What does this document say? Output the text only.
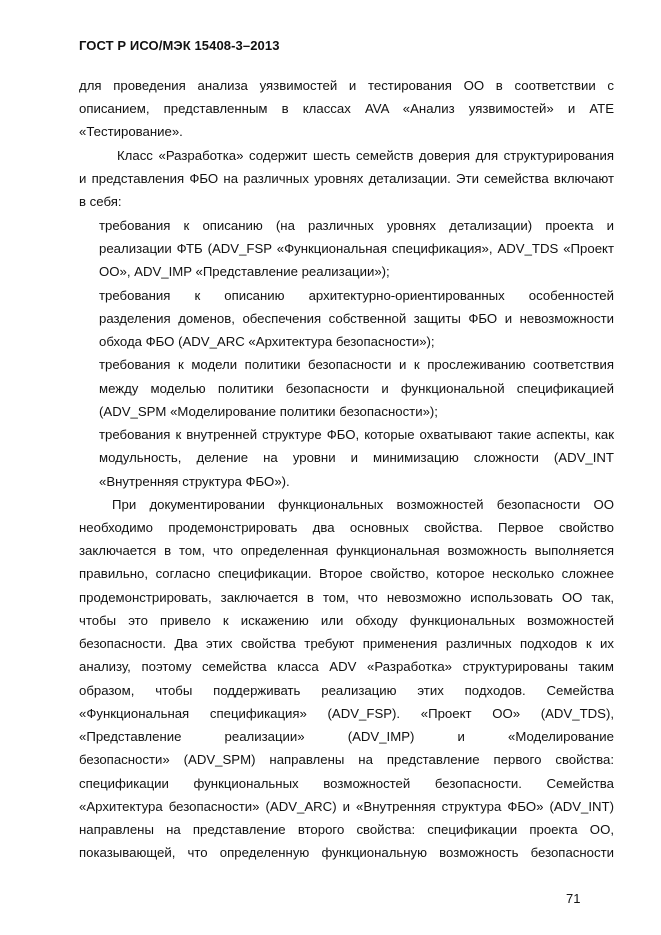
ГОСТ Р ИСО/МЭК 15408-3–2013
для проведения анализа уязвимостей и тестирования ОО в соответствии с
описанием, представленным в классах AVA «Анализ уязвимостей» и ATE
«Тестирование».
Класс «Разработка» содержит шесть семейств доверия для структурирования
и представления ФБО на различных уровнях детализации. Эти семейства включают
в себя:
требования к описанию (на различных уровнях детализации) проекта и
реализации ФТБ (ADV_FSP «Функциональная спецификация», ADV_TDS «Проект
ОО», ADV_IMP «Представление реализации»);
требования к описанию архитектурно-ориентированных особенностей
разделения доменов, обеспечения собственной защиты ФБО и невозможности
обхода ФБО (ADV_ARC «Архитектура безопасности»);
требования к модели политики безопасности и к прослеживанию соответствия
между моделью политики безопасности и функциональной спецификацией
(ADV_SPM «Моделирование политики безопасности»);
требования к внутренней структуре ФБО, которые охватывают такие аспекты, как
модульность, деление на уровни и минимизацию сложности (ADV_INT
«Внутренняя структура ФБО»).
При документировании функциональных возможностей безопасности ОО
необходимо продемонстрировать два основных свойства. Первое свойство
заключается в том, что определенная функциональная возможность выполняется
правильно, согласно спецификации. Второе свойство, которое несколько сложнее
продемонстрировать, заключается в том, что невозможно использовать ОО так,
чтобы это привело к искажению или обходу функциональных возможностей
безопасности. Два этих свойства требуют применения различных подходов к их
анализу, поэтому семейства класса ADV «Разработка» структурированы таким
образом, чтобы поддерживать реализацию этих подходов. Семейства
«Функциональная спецификация» (ADV_FSP). «Проект ОО» (ADV_TDS),
«Представление реализации» (ADV_IMP) и «Моделирование
безопасности» (ADV_SPM) направлены на представление первого свойства:
спецификации функциональных возможностей безопасности. Семейства
«Архитектура безопасности» (ADV_ARC) и «Внутренняя структура ФБО» (ADV_INT)
направлены на представление второго свойства: спецификации проекта ОО,
показывающей, что определенную функциональную возможность безопасности
71
